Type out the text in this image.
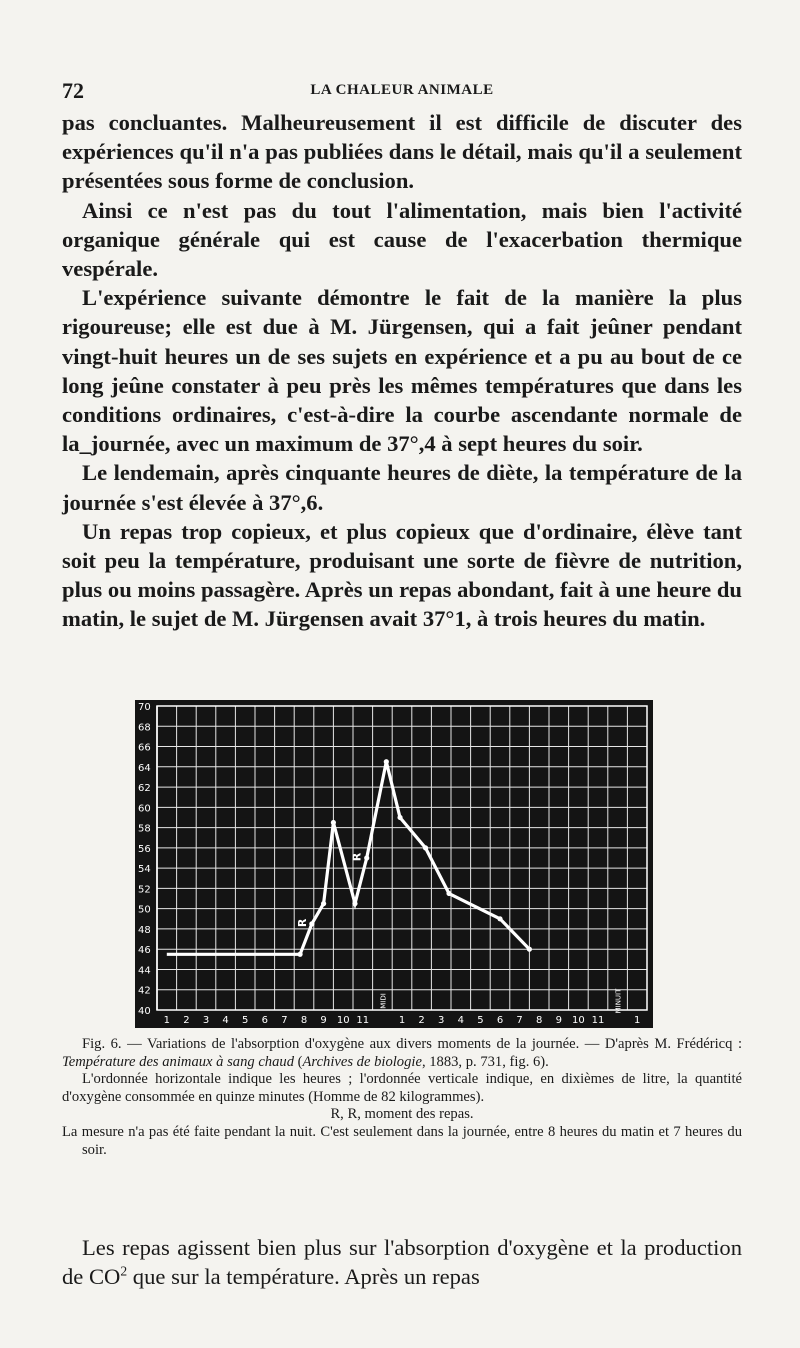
72	LA CHALEUR ANIMALE

pas concluantes. Malheureusement il est difficile de discuter des expériences qu'il n'a pas publiées dans le détail, mais qu'il a seulement présentées sous forme de conclusion.

Ainsi ce n'est pas du tout l'alimentation, mais bien l'activité organique générale qui est cause de l'exacerbation thermique vespérale.

L'expérience suivante démontre le fait de la manière la plus rigoureuse; elle est due à M. Jürgensen, qui a fait jeûner pendant vingt-huit heures un de ses sujets en expérience et a pu au bout de ce long jeûne constater à peu près les mêmes températures que dans les conditions ordinaires, c'est-à-dire la courbe ascendante normale de la_journée, avec un maximum de 37°,4 à sept heures du soir.

Le lendemain, après cinquante heures de diète, la température de la journée s'est élevée à 37°,6.

Un repas trop copieux, et plus copieux que d'ordinaire, élève tant soit peu la température, produisant une sorte de fièvre de nutrition, plus ou moins passagère. Après un repas abondant, fait à une heure du matin, le sujet de M. Jürgensen avait 37°1, à trois heures du matin.

70
68
66
64
62
60
58
56
54
52
50
48
46
44
42
40
1 2 3 4 5 6 7 8 9 10 11
MIDI
1 2 3 4 5 6 7 8 9 10 11
MINUIT
1
R
R

Fig. 6. — Variations de l'absorption d'oxygène aux divers moments de la journée. — D'après M. Frédéricq : Température des animaux à sang chaud (Archives de biologie, 1883, p. 731, fig. 6).

L'ordonnée horizontale indique les heures ; l'ordonnée verticale indique, en dixièmes de litre, la quantité d'oxygène consommée en quinze minutes (Homme de 82 kilogrammes).

R, R, moment des repas.

La mesure n'a pas été faite pendant la nuit. C'est seulement dans la journée, entre 8 heures du matin et 7 heures du soir.

Les repas agissent bien plus sur l'absorption d'oxygène et la production de $CO^2$ que sur la température. Après un repas
